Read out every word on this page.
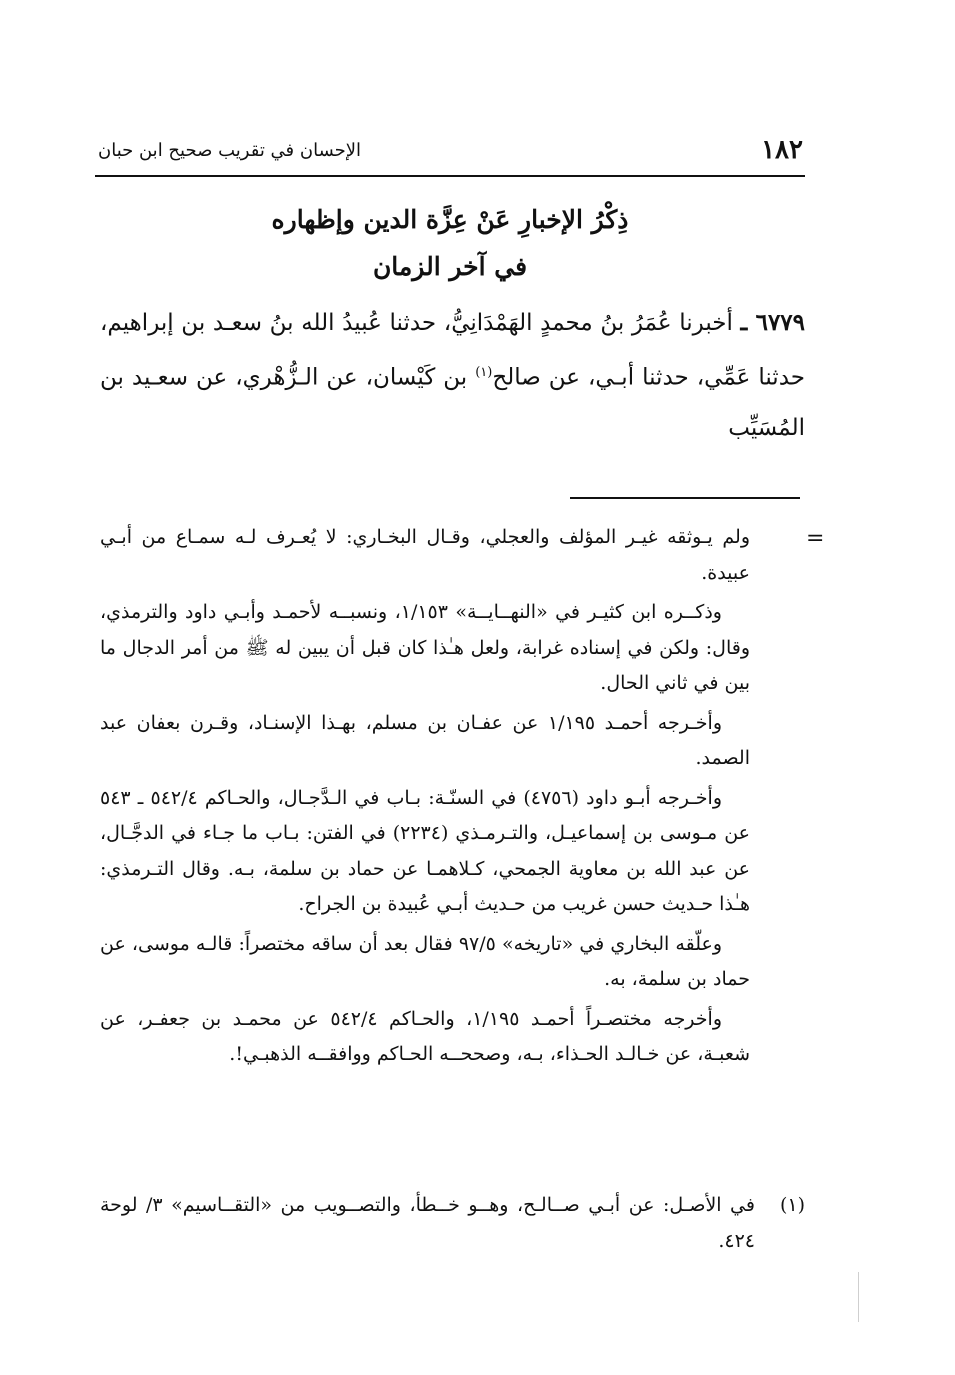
١٨٢
الإحسان في تقريب صحيح ابن حبان
ذِكْرُ الإخبارِ عَنْ عِزَّة الدين وإظهاره
في آخر الزمان
٦٧٧٩ ـ أخبرنا عُمَرُ بنُ محمدٍ الهَمْدَانِيُّ، حدثنا عُبيدُ الله بنُ سعـد بن إبراهيم، حدثنا عَمِّي، حدثنا أبـي، عن صالح$^{(١)}$ بن كَيْسان، عن الـزُّهْري، عن سعـيد بن المُسَيِّب
=

ولم يـوثقه غيـر المؤلف والعجلي، وقـال البخـاري: لا يُعـرف لـه سمـاع من أبـي عبيدة.

وذكــره ابن كثيـر في «النهــايــة» ١/١٥٣، ونسبــه لأحمـد وأبـي داود والترمذي، وقال: ولكن في إسناده غرابة، ولعل هـٰذا كان قبل أن يبين له ﷺ من أمر الدجال ما بين في ثاني الحال.

وأخـرجه أحمـد ١/١٩٥ عن عفـان بن مسلم، بهـذا الإسنـاد، وقـرن بعفان عبد الصمد.

وأخـرجه أبـو داود (٤٧٥٦) في السنّـة: بـاب في الـدَّجـال، والحـاكم ٥٤٢/٤ ـ ٥٤٣ عن مـوسى بن إسماعيـل، والتـرمـذي (٢٢٣٤) في الفتن: بـاب ما جـاء في الدجَّـال، عن عبد الله بن معاوية الجمحي، كـلاهمـا عن حماد بن سلمة، بـه. وقال التـرمذي: هـٰذا حـديث حسن غريب من حـديث أبـي عُبيدة بن الجراح.

وعلّقه البخاري في «تاريخه» ٩٧/٥ فقال بعد أن ساقه مختصراً: قالـه موسى، عن حماد بن سلمة، به.

وأخرجه مختصـراً أحمـد ١/١٩٥، والحـاكم ٥٤٢/٤ عن محمـد بن جعفـر، عن شعبـة، عن خـالـد الحـذاء، بـه، وصححــه الحـاكم ووافقــه الذهبـي!.

(١)
في الأصـل: عن أبـي صــالـح، وهــو خــطأ، والتصــويب من «التقــاسيم» ٣/ لوحة ٤٢٤.
